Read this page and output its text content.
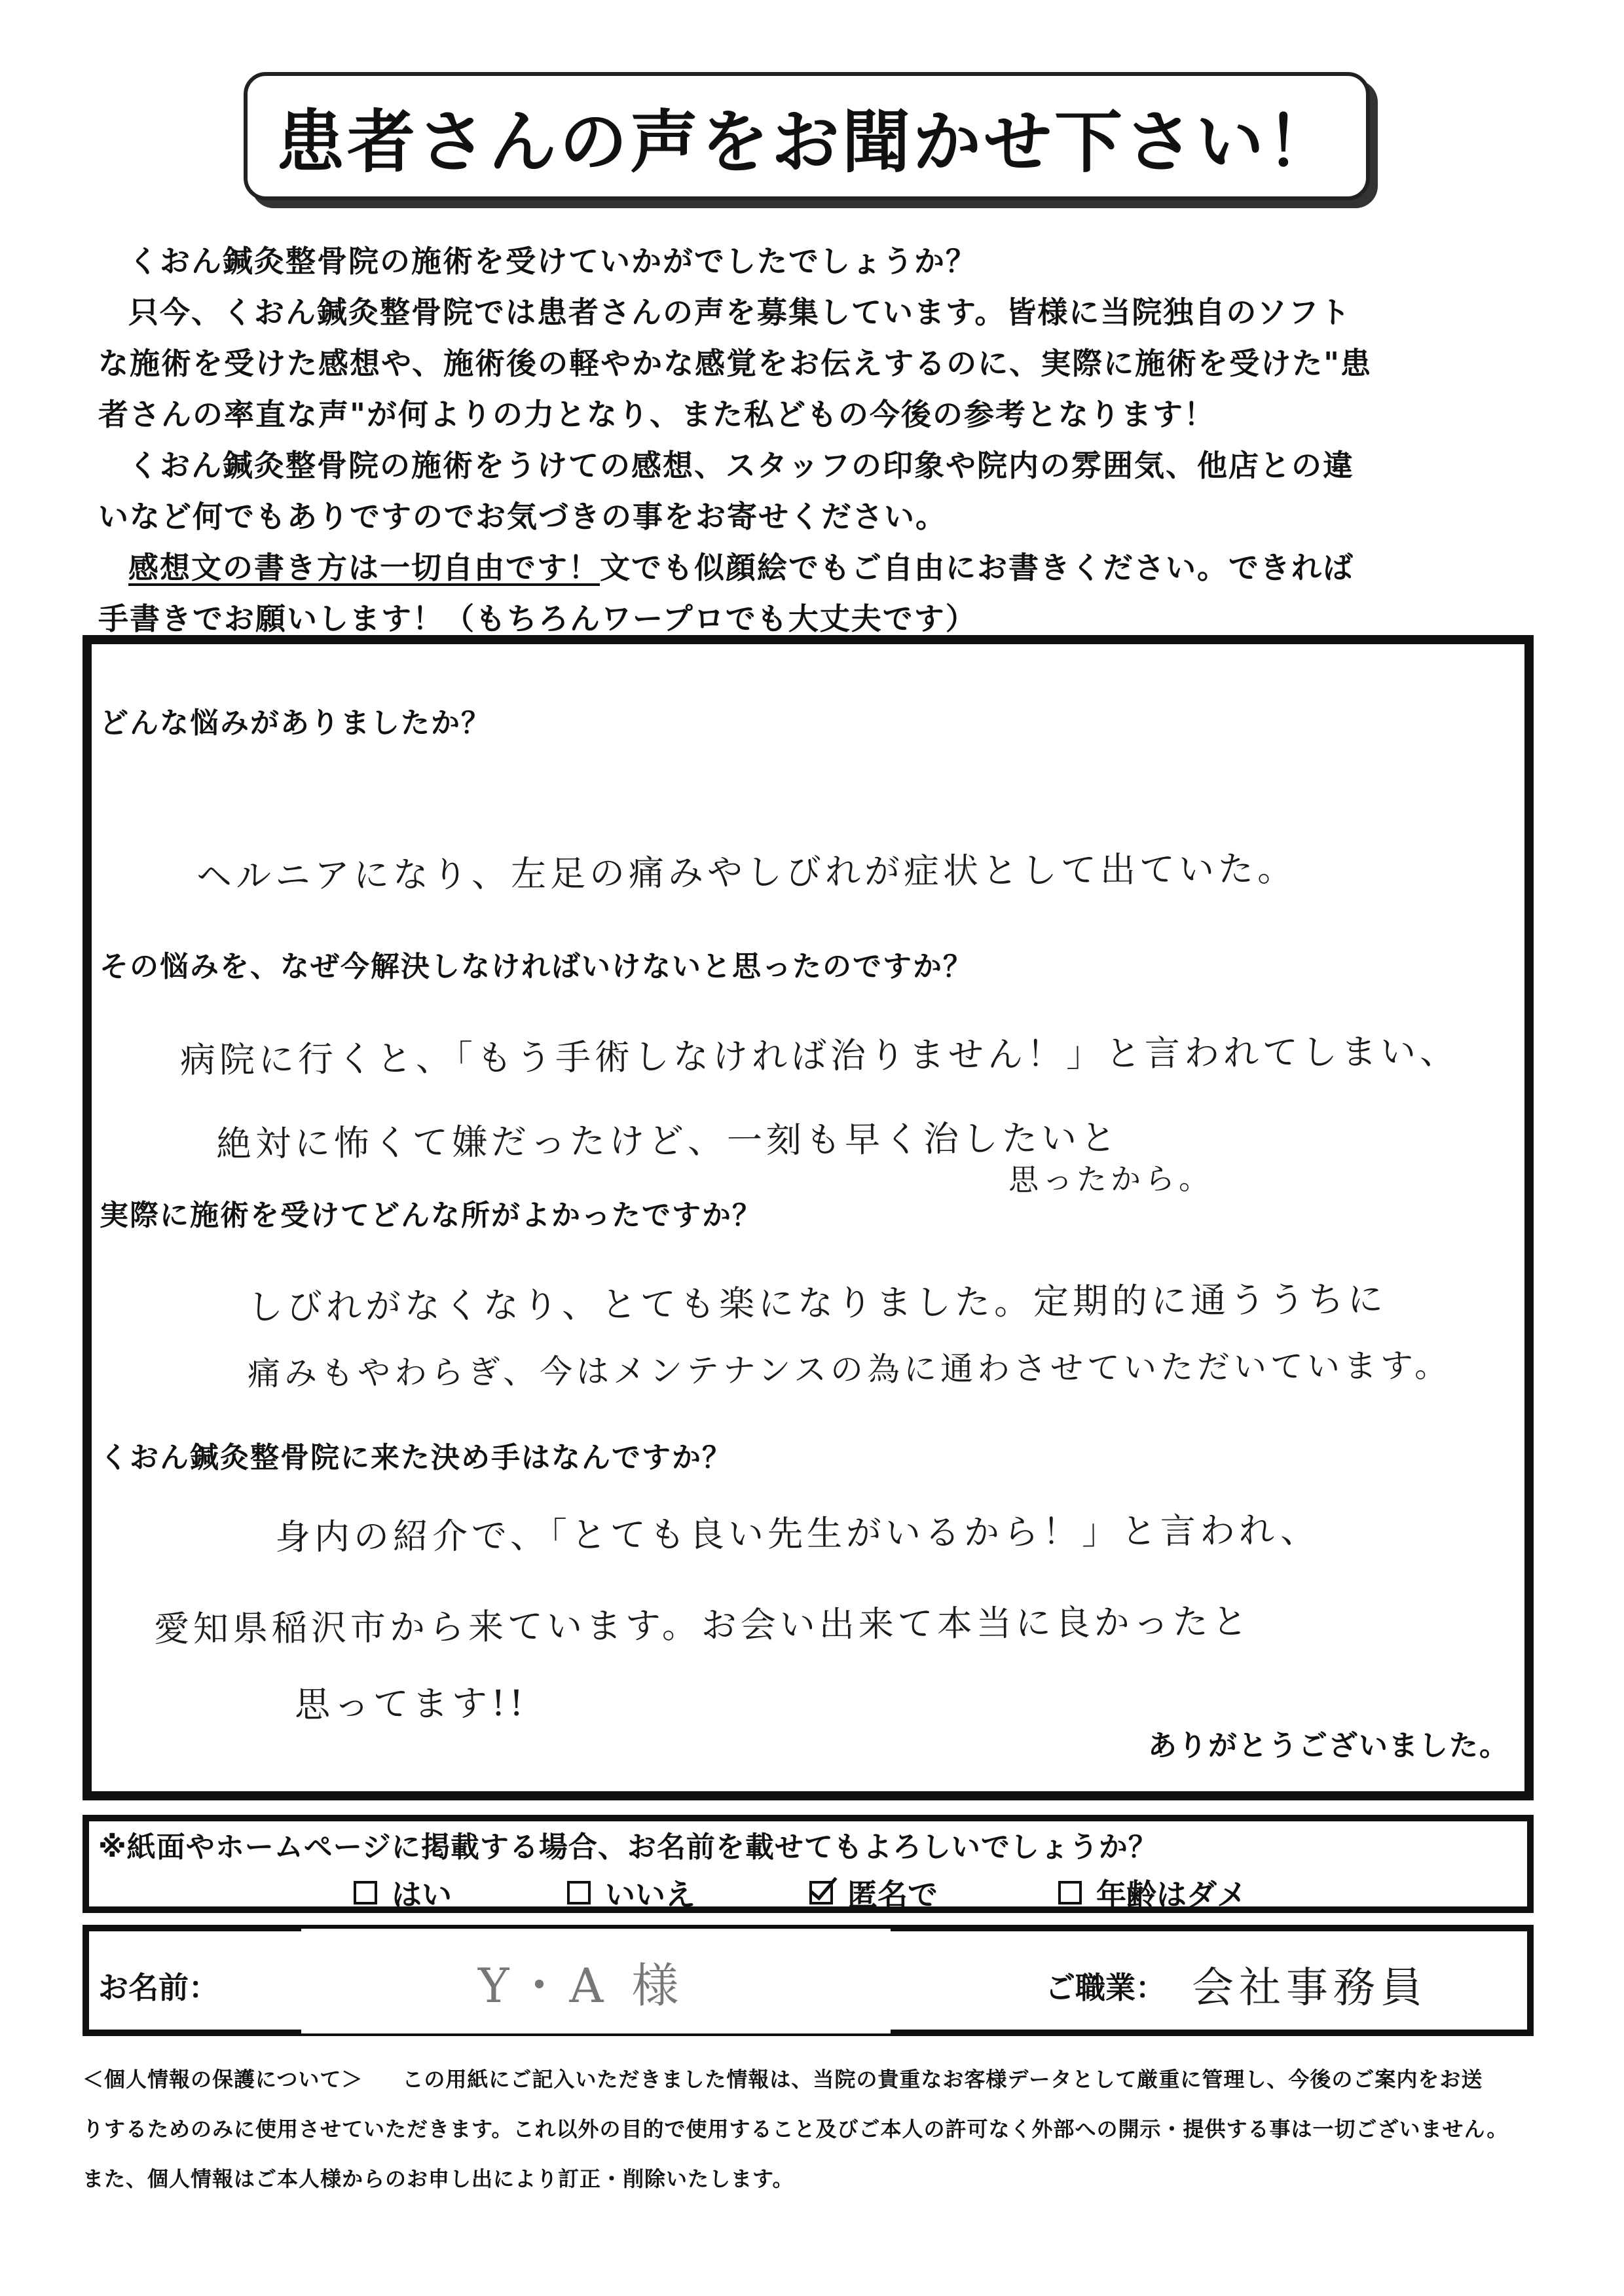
患者さんの声をお聞かせ下さい！

くおん鍼灸整骨院の施術を受けていかがでしたでしょうか？

只今、くおん鍼灸整骨院では患者さんの声を募集しています。皆様に当院独自のソフト

な施術を受けた感想や、施術後の軽やかな感覚をお伝えするのに、実際に施術を受けた"患

者さんの率直な声"が何よりの力となり、また私どもの今後の参考となります！

くおん鍼灸整骨院の施術をうけての感想、スタッフの印象や院内の雰囲気、他店との違

いなど何でもありですのでお気づきの事をお寄せください。

感想文の書き方は一切自由です！文でも似顔絵でもご自由にお書きください。できれば

手書きでお願いします！（もちろんワープロでも大丈夫です）

どんな悩みがありましたか？
ヘルニアになり、左足の痛みやしびれが症状として出ていた。
その悩みを、なぜ今解決しなければいけないと思ったのですか？
病院に行くと、「もう手術しなければ治りません！」と言われてしまい、
絶対に怖くて嫌だったけど、一刻も早く治したいと
思ったから。
実際に施術を受けてどんな所がよかったですか？
しびれがなくなり、とても楽になりました。定期的に通ううちに
痛みもやわらぎ、今はメンテナンスの為に通わさせていただいています。
くおん鍼灸整骨院に来た決め手はなんですか？
身内の紹介で、「とても良い先生がいるから！」と言われ、
愛知県稲沢市から来ています。お会い出来て本当に良かったと
思ってます!!
ありがとうございました。
※紙面やホームページに掲載する場合、お名前を載せてもよろしいでしょうか？
はい	いいえ	匿名で	年齢はダメ
お名前：	Y・A 様	ご職業： 会社事務員

＜個人情報の保護について＞ この用紙にご記入いただきました情報は、当院の貴重なお客様データとして厳重に管理し、今後のご案内をお送

りするためのみに使用させていただきます。これ以外の目的で使用すること及びご本人の許可なく外部への開示・提供する事は一切ございません。

また、個人情報はご本人様からのお申し出により訂正・削除いたします。
